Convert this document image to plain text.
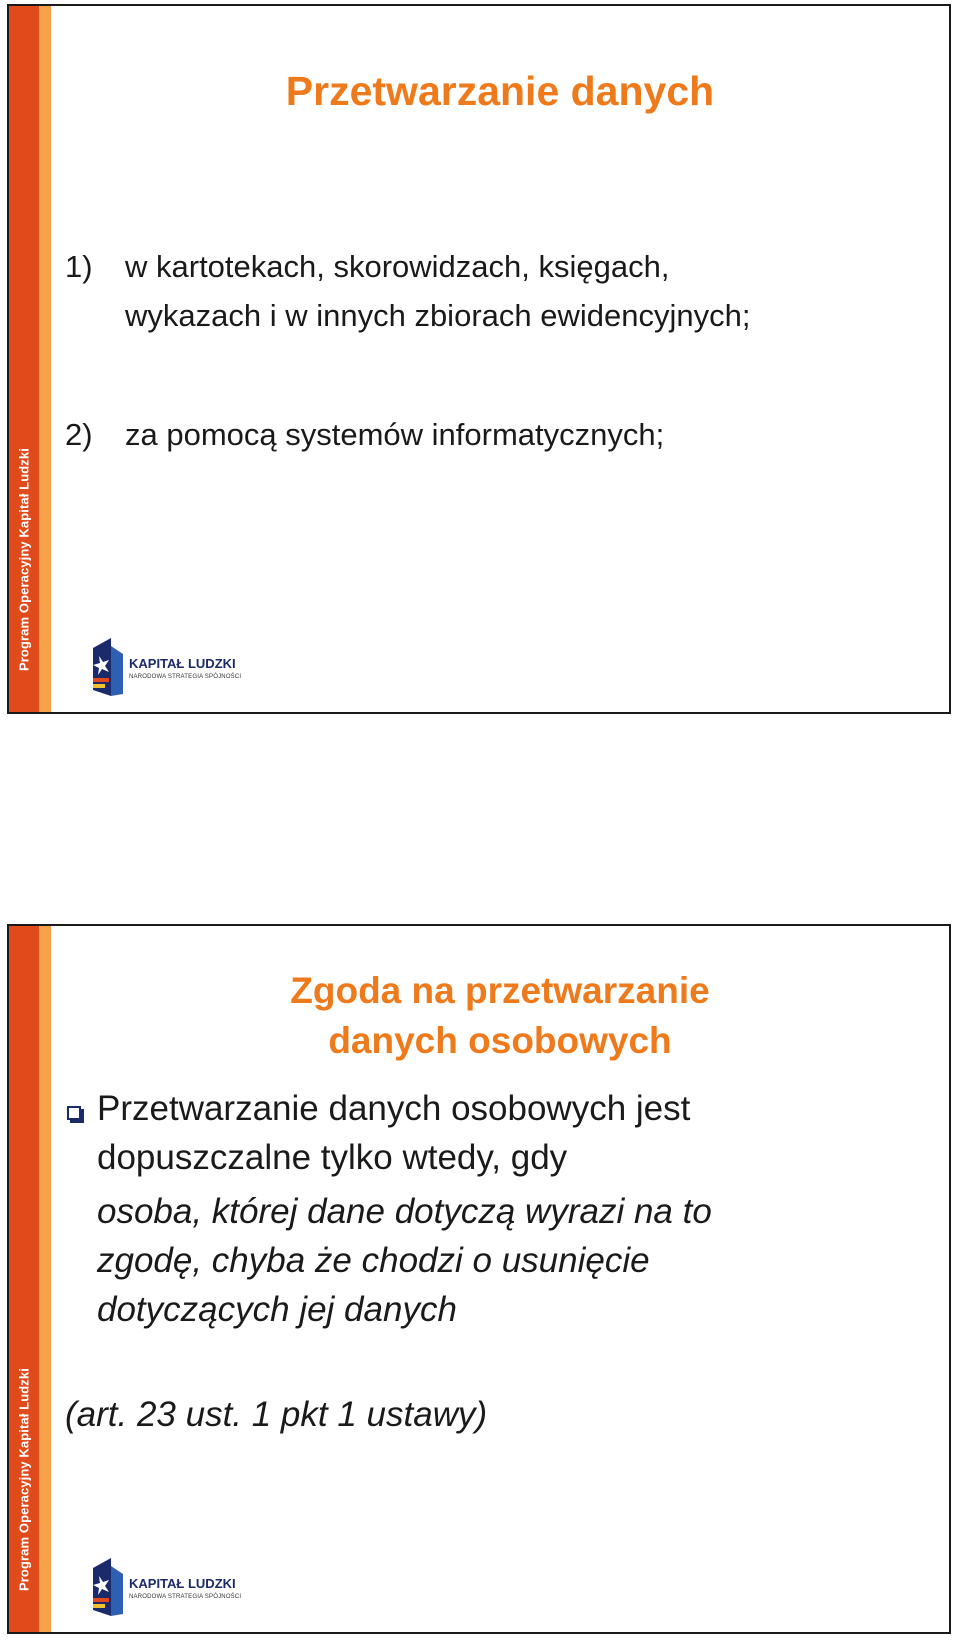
Program Operacyjny Kapitał Ludzki
Przetwarzanie danych
1) w kartotekach, skorowidzach, księgach,
wykazach i w innych zbiorach ewidencyjnych;
2) za pomocą systemów informatycznych;
KAPITAŁ LUDZKI
NARODOWA STRATEGIA SPÓJNOŚCI
Program Operacyjny Kapitał Ludzki
Zgoda na przetwarzanie
danych osobowych
Przetwarzanie danych osobowych jest
dopuszczalne tylko wtedy, gdy
osoba, której dane dotyczą wyrazi na to
zgodę, chyba że chodzi o usunięcie
dotyczących jej danych
(art. 23 ust. 1 pkt 1 ustawy)
KAPITAŁ LUDZKI
NARODOWA STRATEGIA SPÓJNOŚCI
